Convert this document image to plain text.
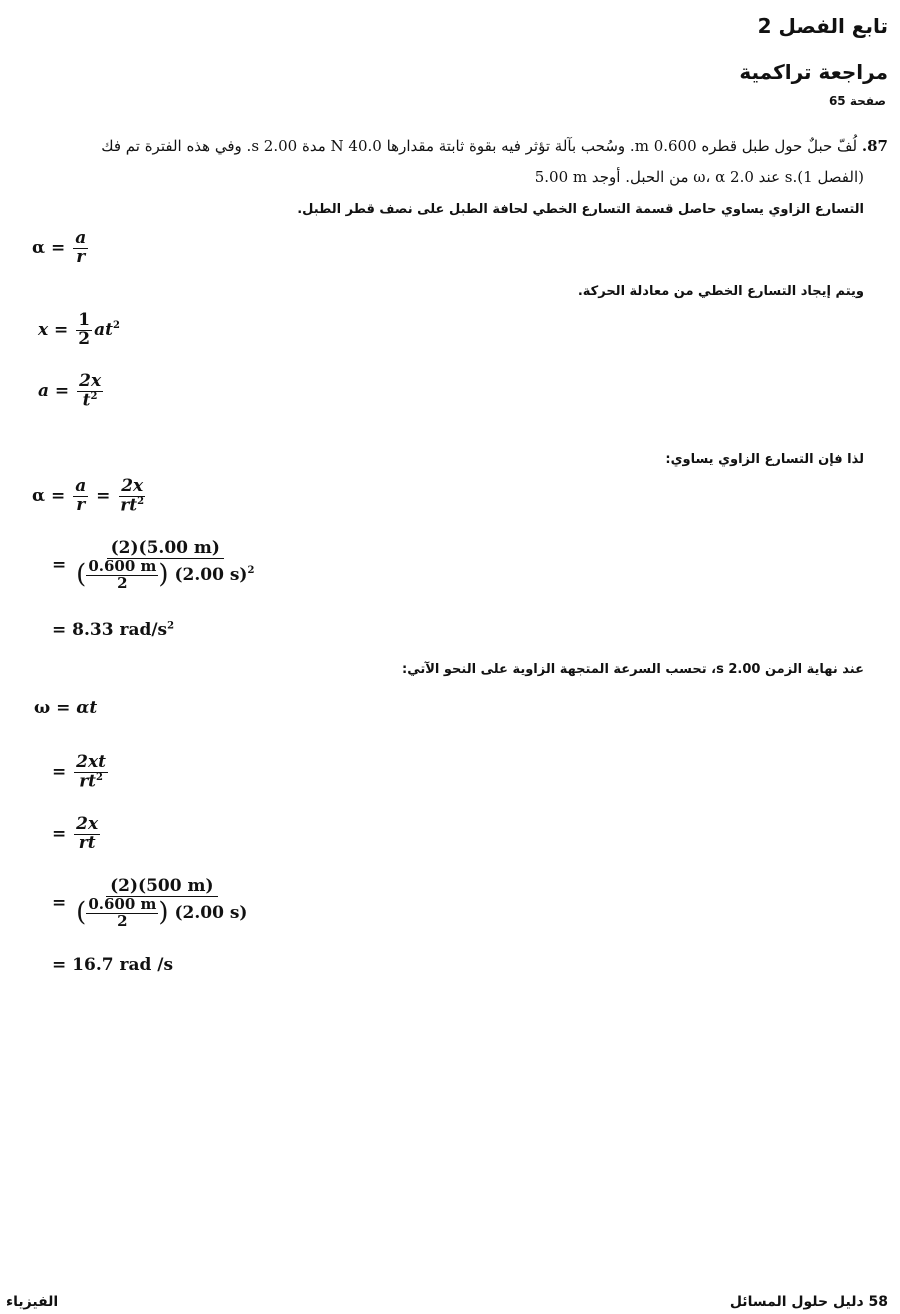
تابع الفصل 2
مراجعة تراكمية
صفحة 65
87. لُفّ حبلٌ حول طبل قطره 0.600 m. وسُحب بآلة تؤثر فيه بقوة ثابتة مقدارها 40.0 N مدة 2.00 s. وفي هذه الفترة تم فك
5.00 m من الحبل. أوجد ω، α عند 2.0 s.(الفصل 1)
التسارع الزاوي يساوي حاصل قسمة التسارع الخطي لحافة الطبل على نصف قطر الطبل.
$\alpha = \frac{a}{r}$
ويتم إيجاد التسارع الخطي من معادلة الحركة.
$x = \frac{1}{2} at^2$
$a = \frac{2x}{t^2}$
لذا فإن التسارع الزاوي يساوي:
$\alpha = \frac{a}{r} = \frac{2x}{rt^2}$
= $\frac{(2)(5.00 m)}{( \frac{0.600 m}{2} ) (2.00 s)^2}$
= 8.33 rad/$s^2$
عند نهاية الزمن 2.00 s، تحسب السرعة المتجهة الزاوية على النحو الآتي:
ω = αt
= $\frac{2xt}{rt^2}$
= $\frac{2x}{rt}$
= $\frac{(2)(500 m)}{( \frac{0.600 m}{2} ) (2.00 s)}$
= 16.7 rad /s
58 دليل حلول المسائل
الفيزياء
